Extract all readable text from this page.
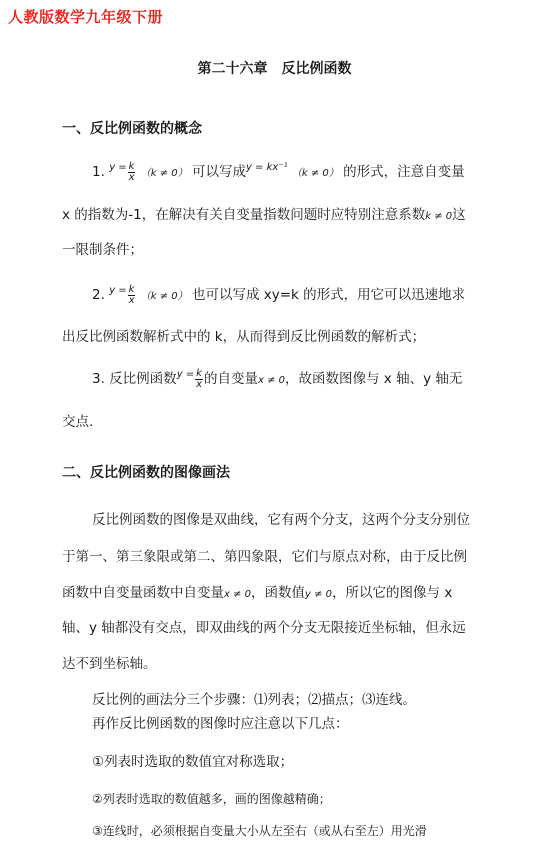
人教版数学九年级下册
第二十六章　反比例函数
一、反比例函数的概念
1. $^{y =} \frac{k}{x} (k \ne 0)$ 可以写成$^{y = kx^{-1}}$ （k ≠ 0） 的形式，注意自变量
x 的指数为-1，在解决有关自变量指数问题时应特别注意系数k ≠ 0这
一限制条件；
2. $^{y =} \frac{k}{x} (k \ne 0)$ 也可以写成 xy=k 的形式，用它可以迅速地求
出反比例函数解析式中的 k，从而得到反比例函数的解析式；
3. 反比例函数$^{y =} \frac{k}{x}$ 的自变量x ≠ 0，故函数图像与 x 轴、y 轴无
交点.
二、反比例函数的图像画法
反比例函数的图像是双曲线，它有两个分支，这两个分支分别位
于第一、第三象限或第二、第四象限，它们与原点对称，由于反比例
函数中自变量函数中自变量x ≠ 0，函数值y ≠ 0，所以它的图像与 x
轴、y 轴都没有交点，即双曲线的两个分支无限接近坐标轴，但永远
达不到坐标轴。
反比例的画法分三个步骤：⑴列表；⑵描点；⑶连线。
再作反比例函数的图像时应注意以下几点：
①列表时选取的数值宜对称选取；
②列表时选取的数值越多，画的图像越精确；
③连线时，必须根据自变量大小从左至右（或从右至左）用光滑
